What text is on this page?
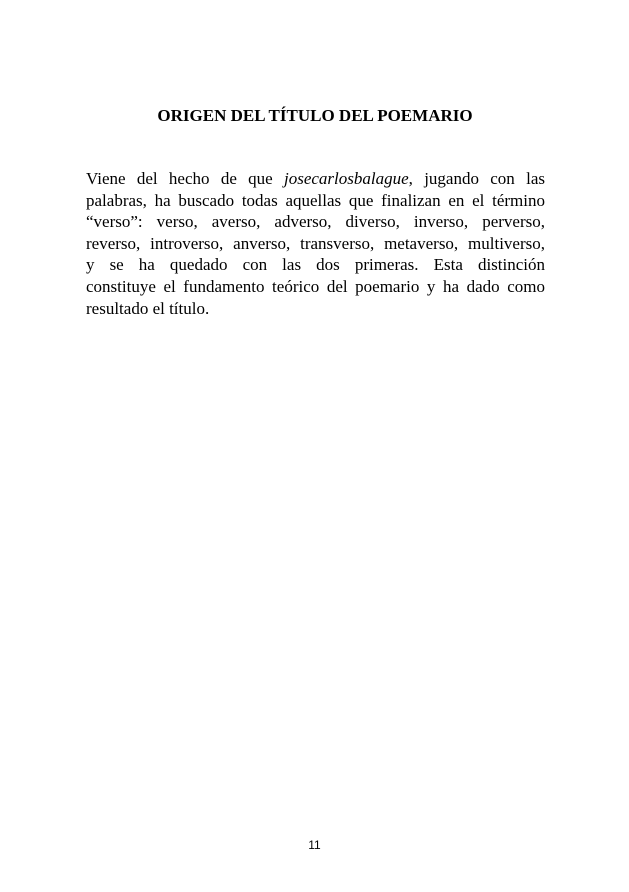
ORIGEN DEL TÍTULO DEL POEMARIO
Viene del hecho de que josecarlosbalague, jugando con las
palabras, ha buscado todas aquellas que finalizan en el término
“verso”: verso, averso, adverso, diverso, inverso, perverso,
reverso, introverso, anverso, transverso, metaverso, multiverso,
y se ha quedado con las dos primeras. Esta distinción
constituye el fundamento teórico del poemario y ha dado como
resultado el título.
11
